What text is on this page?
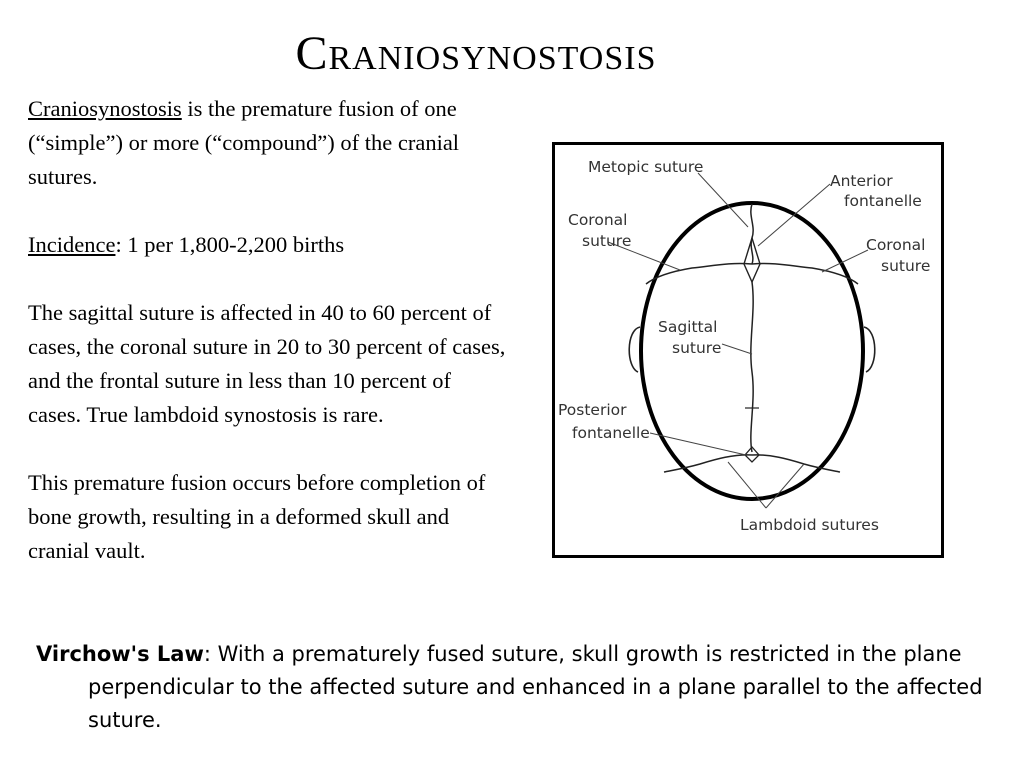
Craniosynostosis

Craniosynostosis is the premature fusion of one (“simple”) or more (“compound”) of the cranial sutures.

Incidence: 1 per 1,800-2,200 births

The sagittal suture is affected in 40 to 60 percent of cases, the coronal suture in 20 to 30 percent of cases, and the frontal suture in less than 10 percent of cases. True lambdoid synostosis is rare.

This premature fusion occurs before completion of bone growth, resulting in a deformed skull and cranial vault.

Metopic suture
Anterior
fontanelle
Coronal
suture	Coronal
suture
Sagittal
suture
Posterior
fontanelle
Lambdoid sutures
Virchow's Law: With a prematurely fused suture, skull growth is restricted in the plane perpendicular to the affected suture and enhanced in a plane parallel to the affected suture.
